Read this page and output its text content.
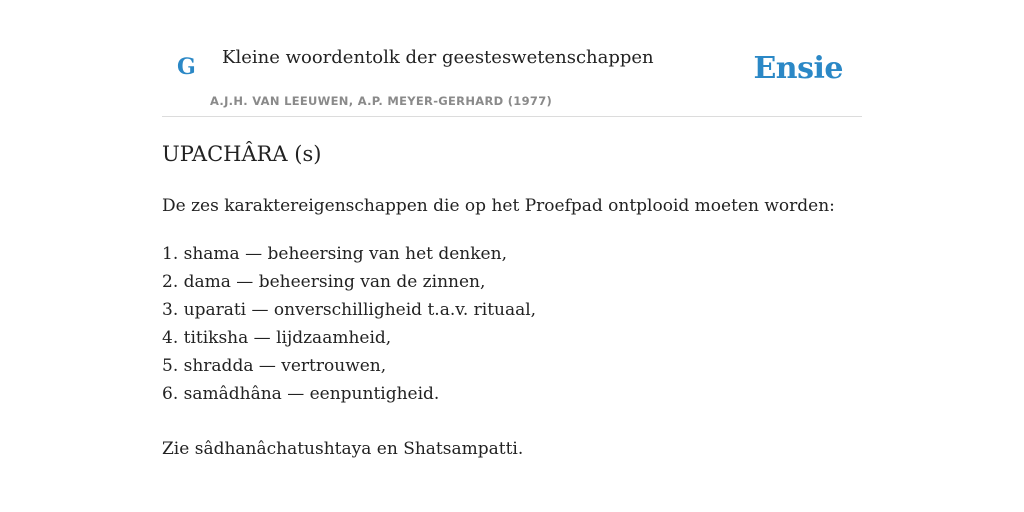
G Kleine woordentolk der geesteswetenschappen
A.J.H. VAN LEEUWEN, A.P. MEYER-GERHARD (1977)
Ensie
UPACHÂRA (s)

De zes karaktereigenschappen die op het Proefpad ontplooid moeten worden:

1. shama — beheersing van het denken,
2. dama — beheersing van de zinnen,
3. uparati — onverschilligheid t.a.v. rituaal,
4. titiksha — lijdzaamheid,
5. shradda — vertrouwen,
6. samâdhâna — eenpuntigheid.

Zie sâdhanâchatushtaya en Shatsampatti.
